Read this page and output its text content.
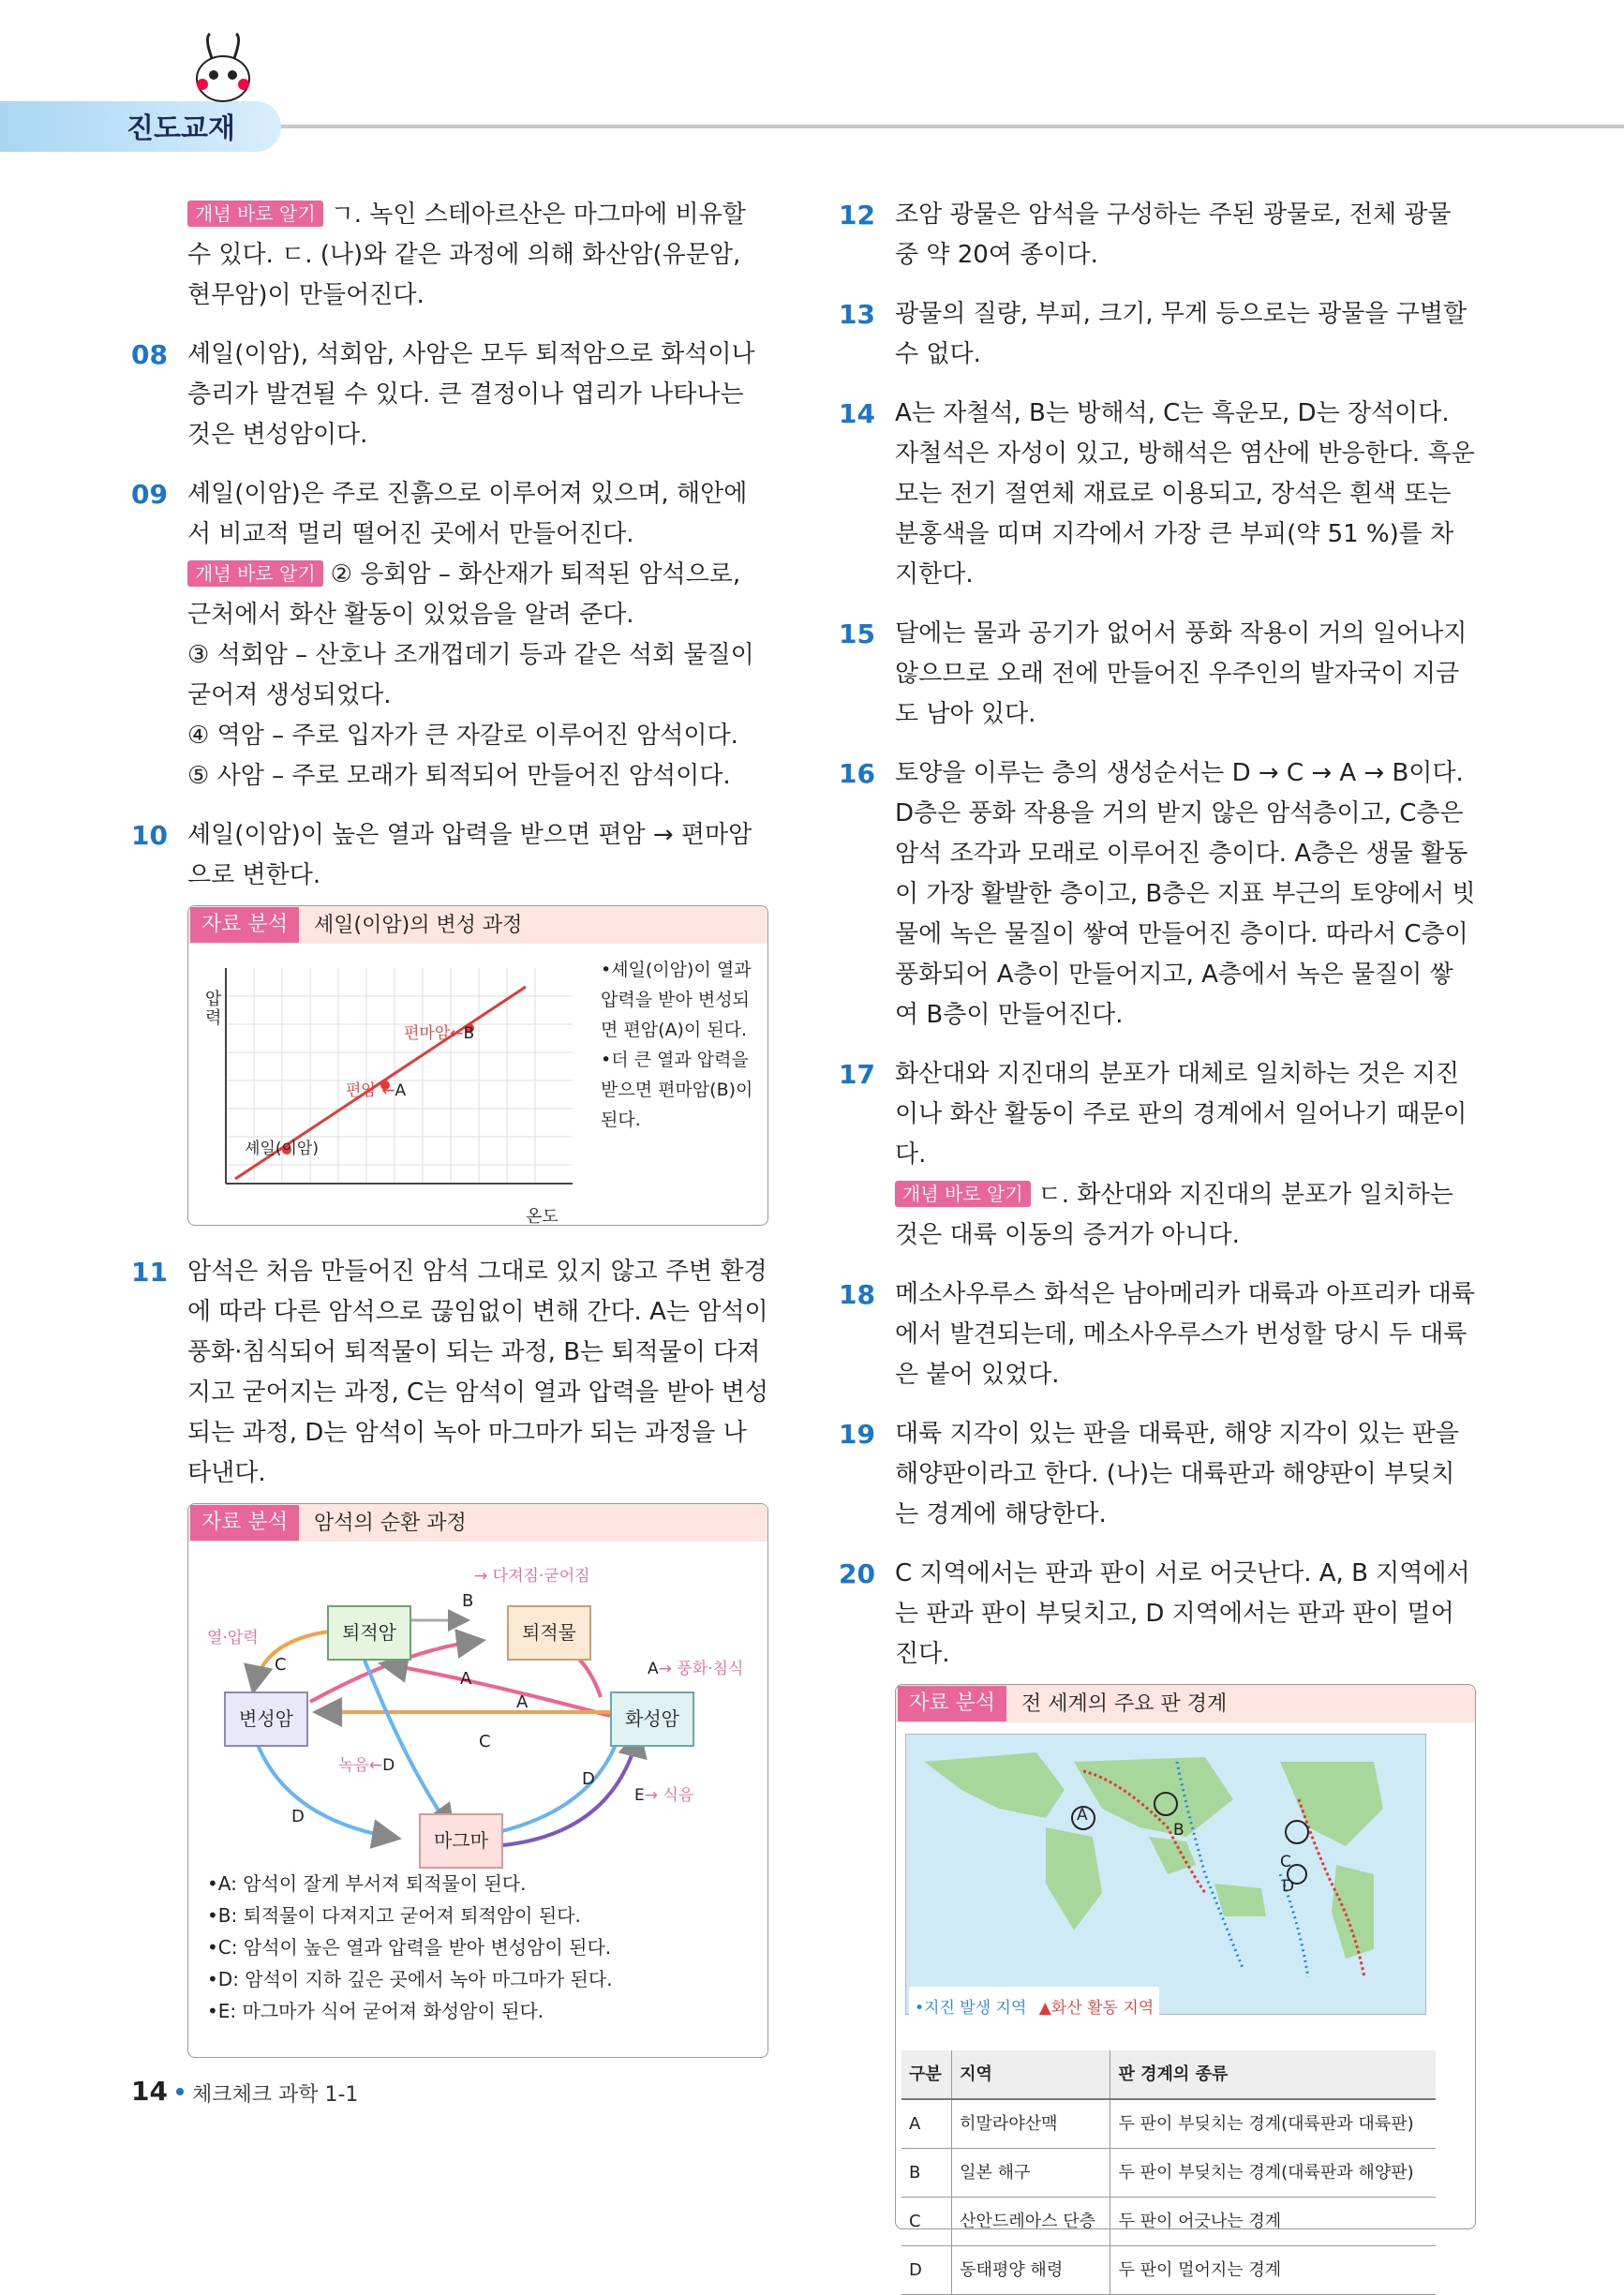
진도교재

개념 바로 알기 ㄱ. 녹인 스테아르산은 마그마에 비유할 수 있다. ㄷ. (나)와 같은 과정에 의해 화산암(유문암, 현무암)이 만들어진다.

08 셰일(이암), 석회암, 사암은 모두 퇴적암으로 화석이나 층리가 발견될 수 있다. 큰 결정이나 엽리가 나타나는 것은 변성암이다.

09 셰일(이암)은 주로 진흙으로 이루어져 있으며, 해안에서 비교적 멀리 떨어진 곳에서 만들어진다.

개념 바로 알기 ② 응회암 – 화산재가 퇴적된 암석으로, 근처에서 화산 활동이 있었음을 알려 준다.

③ 석회암 – 산호나 조개껍데기 등과 같은 석회 물질이 굳어져 생성되었다.

④ 역암 – 주로 입자가 큰 자갈로 이루어진 암석이다.

⑤ 사암 – 주로 모래가 퇴적되어 만들어진 암석이다.

10 셰일(이암)이 높은 열과 압력을 받으면 편암 → 편마암으로 변한다.

자료 분석	셰일(이암)의 변성 과정
압력
온도
셰일(이암)
편암 ←A
편마암←B
•셰일(이암)이 열과 압력을 받아 변성되면 편암(A)이 된다.
•더 큰 열과 압력을 받으면 편마암(B)이 된다.
11 암석은 처음 만들어진 암석 그대로 있지 않고 주변 환경에 따라 다른 암석으로 끊임없이 변해 간다. A는 암석이 풍화·침식되어 퇴적물이 되는 과정, B는 퇴적물이 다져지고 굳어지는 과정, C는 암석이 열과 압력을 받아 변성되는 과정, D는 암석이 녹아 마그마가 되는 과정을 나타낸다.

자료 분석	암석의 순환 과정
퇴적암	퇴적물
변성암	화성암
마그마
→ 다져짐·굳어짐
B
열·압력
C	A→ 풍화·침식
A
A
C
녹음←D
D
E→ 식음
D
•A: 암석이 잘게 부서져 퇴적물이 된다.
•B: 퇴적물이 다져지고 굳어져 퇴적암이 된다.
•C: 암석이 높은 열과 압력을 받아 변성암이 된다.
•D: 암석이 지하 깊은 곳에서 녹아 마그마가 된다.
•E: 마그마가 식어 굳어져 화성암이 된다.
12 조암 광물은 암석을 구성하는 주된 광물로, 전체 광물 중 약 20여 종이다.

13 광물의 질량, 부피, 크기, 무게 등으로는 광물을 구별할 수 없다.

14 A는 자철석, B는 방해석, C는 흑운모, D는 장석이다. 자철석은 자성이 있고, 방해석은 염산에 반응한다. 흑운모는 전기 절연체 재료로 이용되고, 장석은 흰색 또는 분홍색을 띠며 지각에서 가장 큰 부피(약 51 %)를 차지한다.

15 달에는 물과 공기가 없어서 풍화 작용이 거의 일어나지 않으므로 오래 전에 만들어진 우주인의 발자국이 지금도 남아 있다.

16 토양을 이루는 층의 생성순서는 D → C → A → B이다. D층은 풍화 작용을 거의 받지 않은 암석층이고, C층은 암석 조각과 모래로 이루어진 층이다. A층은 생물 활동이 가장 활발한 층이고, B층은 지표 부근의 토양에서 빗물에 녹은 물질이 쌓여 만들어진 층이다. 따라서 C층이 풍화되어 A층이 만들어지고, A층에서 녹은 물질이 쌓여 B층이 만들어진다.

17 화산대와 지진대의 분포가 대체로 일치하는 것은 지진이나 화산 활동이 주로 판의 경계에서 일어나기 때문이다.

개념 바로 알기 ㄷ. 화산대와 지진대의 분포가 일치하는 것은 대륙 이동의 증거가 아니다.

18 메소사우루스 화석은 남아메리카 대륙과 아프리카 대륙에서 발견되는데, 메소사우루스가 번성할 당시 두 대륙은 붙어 있었다.

19 대륙 지각이 있는 판을 대륙판, 해양 지각이 있는 판을 해양판이라고 한다. (나)는 대륙판과 해양판이 부딪치는 경계에 해당한다.

20 C 지역에서는 판과 판이 서로 어긋난다. A, B 지역에서는 판과 판이 부딪치고, D 지역에서는 판과 판이 멀어진다.

자료 분석	전 세계의 주요 판 경계
A
B
C
D
•지진 발생 지역 ▲화산 활동 지역
구분	지역	판 경계의 종류
A	히말라야산맥	두 판이 부딪치는 경계(대륙판과 대륙판)
B	일본 해구	두 판이 부딪치는 경계(대륙판과 해양판)
C	산안드레아스 단층	두 판이 어긋나는 경계
D	동태평양 해령	두 판이 멀어지는 경계
14 체크체크 과학 1-1
